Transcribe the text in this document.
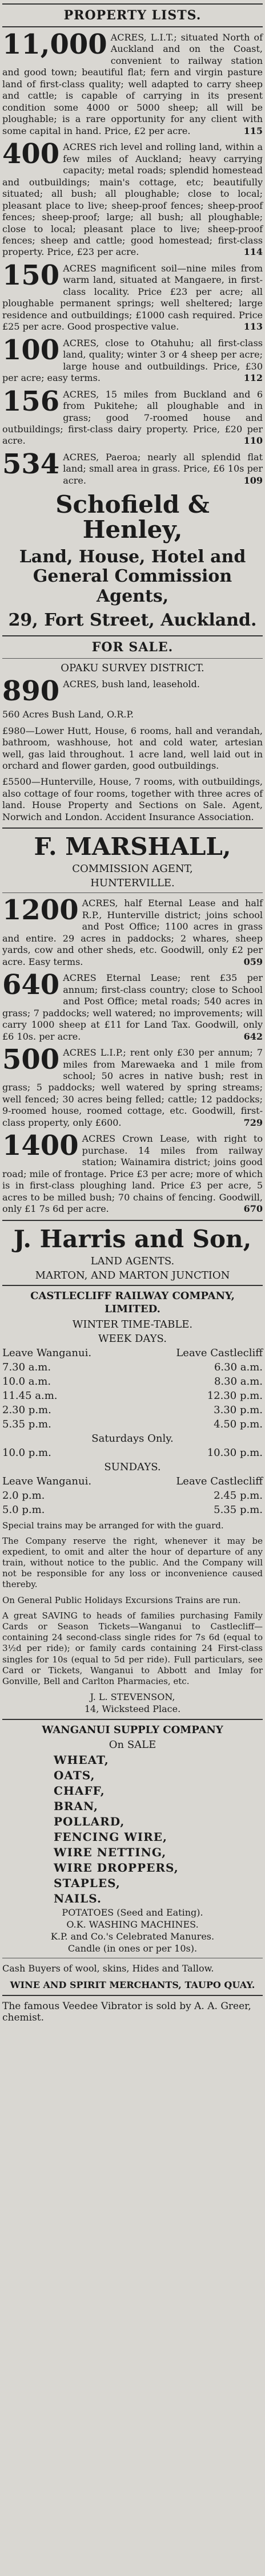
PROPERTY LISTS.
11,000 ACRES, L.I.T.; situated North of Auckland and on the Coast, convenient to railway station and good town; beautiful flat; fern and virgin pasture land of first-class quality; well adapted to carry sheep and cattle; is capable of carrying in its present condition some 4000 or 5000 sheep; all will be ploughable; is a rare opportunity for any client with some capital in hand. Price, £2 per acre.	115
400 ACRES rich level and rolling land, within a few miles of Auckland; heavy carrying capacity; metal roads; splendid homestead and outbuildings; main's cottage, etc; beautifully situated; all bush; all ploughable; close to local; pleasant place to live; sheep-proof fences; sheep-proof fences; sheep-proof; large; all bush; all ploughable; close to local; pleasant place to live; sheep-proof fences; sheep and cattle; good homestead; first-class property. Price, £23 per acre.	114
150 ACRES magnificent soil—nine miles from warm land, situated at Mangaere, in first-class locality. Price £23 per acre; all ploughable permanent springs; well sheltered; large residence and outbuildings; £1000 cash required. Price £25 per acre. Good prospective value.	113
100 ACRES, close to Otahuhu; all first-class land, quality; winter 3 or 4 sheep per acre; large house and outbuildings. Price, £30 per acre; easy terms.	112
156 ACRES, 15 miles from Buckland and 6 from Pukitehe; all ploughable and in grass; good 7-roomed house and outbuildings; first-class dairy property. Price, £20 per acre.	110
534 ACRES, Paeroa; nearly all splendid flat land; small area in grass. Price, £6 10s per acre.	109
Schofield & Henley,
Land, House, Hotel and General Commission Agents,
29, Fort Street, Auckland.
FOR SALE.
OPAKU SURVEY DISTRICT.
890 ACRES, bush land, leasehold.
560 Acres Bush Land, O.R.P.
£980—Lower Hutt, House, 6 rooms, hall and verandah, bathroom, washhouse, hot and cold water, artesian well, gas laid throughout. 1 acre land, well laid out in orchard and flower garden, good outbuildings.
£5500—Hunterville, House, 7 rooms, with outbuildings, also cottage of four rooms, together with three acres of land. House Property and Sections on Sale. Agent, Norwich and London. Accident Insurance Association.
F. MARSHALL,
COMMISSION AGENT,
HUNTERVILLE.
1200 ACRES, half Eternal Lease and half R.P., Hunterville district; joins school and Post Office; 1100 acres in grass and entire. 29 acres in paddocks; 2 whares, sheep yards, cow and other sheds, etc. Goodwill, only £2 per acre. Easy terms.	059
640 ACRES Eternal Lease; rent £35 per annum; first-class country; close to School and Post Office; metal roads; 540 acres in grass; 7 paddocks; well watered; no improvements; will carry 1000 sheep at £11 for Land Tax. Goodwill, only £6 10s. per acre.	642
500 ACRES L.I.P.; rent only £30 per annum; 7 miles from Marewaeka and 1 mile from school; 50 acres in native bush; rest in grass; 5 paddocks; well watered by spring streams; well fenced; 30 acres being felled; cattle; 12 paddocks; 9-roomed house, roomed cottage, etc. Goodwill, first-class property, only £600.	729
1400 ACRES Crown Lease, with right to purchase. 14 miles from railway station; Wainamira district; joins good road; mile of frontage. Price £3 per acre; more of which is in first-class ploughing land. Price £3 per acre, 5 acres to be milled bush; 70 chains of fencing. Goodwill, only £1 7s 6d per acre.	670
J. Harris and Son,
LAND AGENTS.
MARTON, AND MARTON JUNCTION
CASTLECLIFF RAILWAY COMPANY, LIMITED.
WINTER TIME-TABLE.
WEEK DAYS.
Leave Wanganui.	Leave Castlecliff
7.30 a.m.	6.30 a.m.
10.0 a.m.	8.30 a.m.
11.45 a.m.	12.30 p.m.
2.30 p.m.	3.30 p.m.
5.35 p.m.	4.50 p.m.
Saturdays Only.
10.0 p.m.	10.30 p.m.
SUNDAYS.
Leave Wanganui.	Leave Castlecliff
2.0 p.m.	2.45 p.m.
5.0 p.m.	5.35 p.m.
Special trains may be arranged for with the guard.
The Company reserve the right, whenever it may be expedient, to omit and alter the hour of departure of any train, without notice to the public. And the Company will not be responsible for any loss or inconvenience caused thereby.
On General Public Holidays Excursions Trains are run.
A great SAVING to heads of families purchasing Family Cards or Season Tickets—Wanganui to Castlecliff—containing 24 second-class single rides for 7s 6d (equal to 3½d per ride); or family cards containing 24 First-class singles for 10s (equal to 5d per ride). Full particulars, see Card or Tickets, Wanganui to Abbott and Imlay for Gonville, Bell and Carlton Pharmacies, etc.
J. L. STEVENSON,
14, Wicksteed Place.
WANGANUI SUPPLY COMPANY
On SALE
WHEAT,
OATS,
CHAFF,
BRAN,
POLLARD,
FENCING WIRE,
WIRE NETTING,
WIRE DROPPERS,
STAPLES,
NAILS.
POTATOES (Seed and Eating).
O.K. WASHING MACHINES.
K.P. and Co.'s Celebrated Manures.
Candle (in ones or per 10s).
Cash Buyers of wool, skins, Hides and Tallow.
WINE AND SPIRIT MERCHANTS, TAUPO QUAY.
The famous Veedee Vibrator is sold by A. A. Greer, chemist.
